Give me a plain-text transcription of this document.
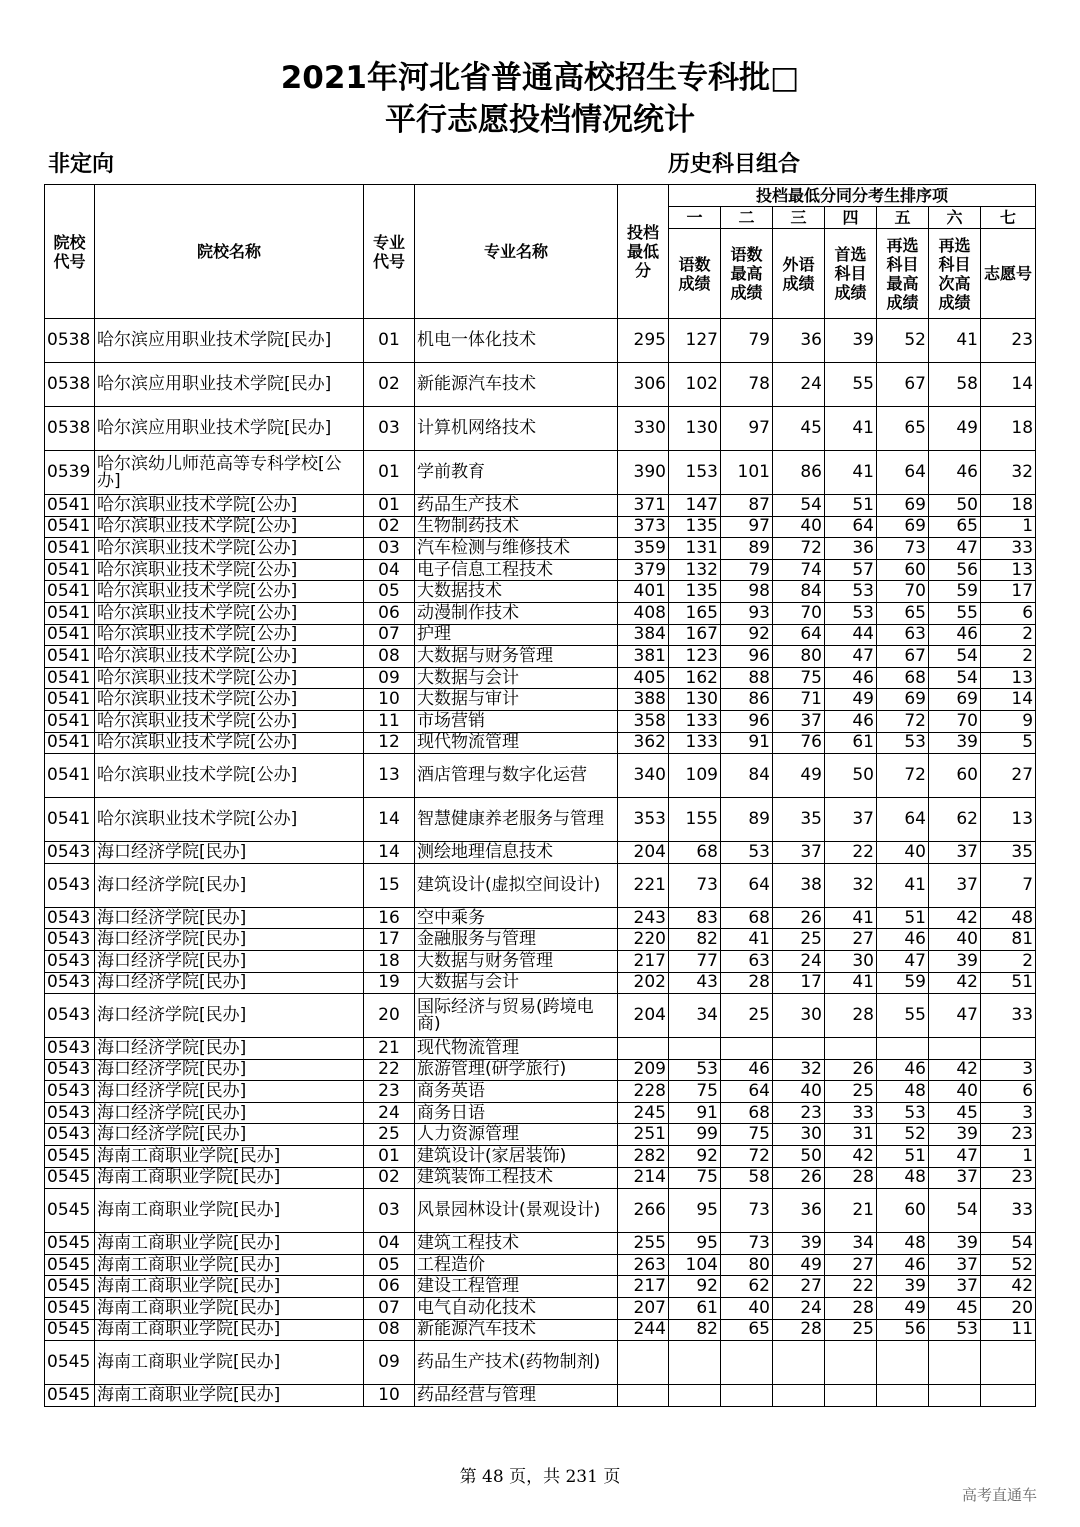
2021年河北省普通高校招生专科批□
平行志愿投档情况统计
非定向	历史科目组合
院校代号	院校名称	专业代号	专业名称	投档最低分	投档最低分同分考生排序项						
					一	二	三	四	五	六	七
					语数成绩	语数最高成绩	外语成绩	首选科目成绩	再选科目最高成绩	再选科目次高成绩	志愿号
0538	哈尔滨应用职业技术学院[民办]	01	机电一体化技术	295	127	79	36	39	52	41	23
0538	哈尔滨应用职业技术学院[民办]	02	新能源汽车技术	306	102	78	24	55	67	58	14
0538	哈尔滨应用职业技术学院[民办]	03	计算机网络技术	330	130	97	45	41	65	49	18
0539	哈尔滨幼儿师范高等专科学校[公办]	01	学前教育	390	153	101	86	41	64	46	32
0541	哈尔滨职业技术学院[公办]	01	药品生产技术	371	147	87	54	51	69	50	18
0541	哈尔滨职业技术学院[公办]	02	生物制药技术	373	135	97	40	64	69	65	1
0541	哈尔滨职业技术学院[公办]	03	汽车检测与维修技术	359	131	89	72	36	73	47	33
0541	哈尔滨职业技术学院[公办]	04	电子信息工程技术	379	132	79	74	57	60	56	13
0541	哈尔滨职业技术学院[公办]	05	大数据技术	401	135	98	84	53	70	59	17
0541	哈尔滨职业技术学院[公办]	06	动漫制作技术	408	165	93	70	53	65	55	6
0541	哈尔滨职业技术学院[公办]	07	护理	384	167	92	64	44	63	46	2
0541	哈尔滨职业技术学院[公办]	08	大数据与财务管理	381	123	96	80	47	67	54	2
0541	哈尔滨职业技术学院[公办]	09	大数据与会计	405	162	88	75	46	68	54	13
0541	哈尔滨职业技术学院[公办]	10	大数据与审计	388	130	86	71	49	69	69	14
0541	哈尔滨职业技术学院[公办]	11	市场营销	358	133	96	37	46	72	70	9
0541	哈尔滨职业技术学院[公办]	12	现代物流管理	362	133	91	76	61	53	39	5
0541	哈尔滨职业技术学院[公办]	13	酒店管理与数字化运营	340	109	84	49	50	72	60	27
0541	哈尔滨职业技术学院[公办]	14	智慧健康养老服务与管理	353	155	89	35	37	64	62	13
0543	海口经济学院[民办]	14	测绘地理信息技术	204	68	53	37	22	40	37	35
0543	海口经济学院[民办]	15	建筑设计(虚拟空间设计)	221	73	64	38	32	41	37	7
0543	海口经济学院[民办]	16	空中乘务	243	83	68	26	41	51	42	48
0543	海口经济学院[民办]	17	金融服务与管理	220	82	41	25	27	46	40	81
0543	海口经济学院[民办]	18	大数据与财务管理	217	77	63	24	30	47	39	2
0543	海口经济学院[民办]	19	大数据与会计	202	43	28	17	41	59	42	51
0543	海口经济学院[民办]	20	国际经济与贸易(跨境电商)	204	34	25	30	28	55	47	33
0543	海口经济学院[民办]	21	现代物流管理								
0543	海口经济学院[民办]	22	旅游管理(研学旅行)	209	53	46	32	26	46	42	3
0543	海口经济学院[民办]	23	商务英语	228	75	64	40	25	48	40	6
0543	海口经济学院[民办]	24	商务日语	245	91	68	23	33	53	45	3
0543	海口经济学院[民办]	25	人力资源管理	251	99	75	30	31	52	39	23
0545	海南工商职业学院[民办]	01	建筑设计(家居装饰)	282	92	72	50	42	51	47	1
0545	海南工商职业学院[民办]	02	建筑装饰工程技术	214	75	58	26	28	48	37	23
0545	海南工商职业学院[民办]	03	风景园林设计(景观设计)	266	95	73	36	21	60	54	33
0545	海南工商职业学院[民办]	04	建筑工程技术	255	95	73	39	34	48	39	54
0545	海南工商职业学院[民办]	05	工程造价	263	104	80	49	27	46	37	52
0545	海南工商职业学院[民办]	06	建设工程管理	217	92	62	27	22	39	37	42
0545	海南工商职业学院[民办]	07	电气自动化技术	207	61	40	24	28	49	45	20
0545	海南工商职业学院[民办]	08	新能源汽车技术	244	82	65	28	25	56	53	11
0545	海南工商职业学院[民办]	09	药品生产技术(药物制剂)								
0545	海南工商职业学院[民办]	10	药品经营与管理								
第 48 页，共 231 页
高考直通车
